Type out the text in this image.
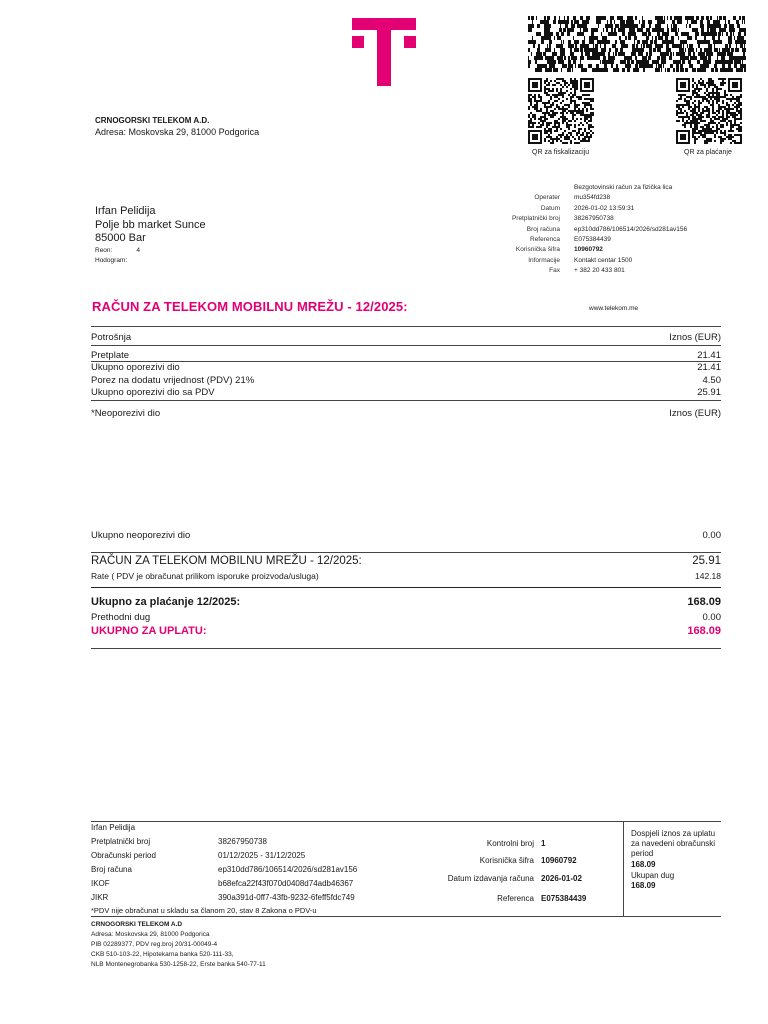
QR za fiskalizaciju	QR za plaćanje
CRNOGORSKI TELEKOM A.D.
Adresa: Moskovska 29, 81000 Podgorica
Bezgotovinski račun za fizička lica
Operater	mu354fd238
Datum	2026-01-02 13:59:31
Pretplatnički broj	38267950738
Broj računa	ep310dd786/106514/2026/sd281av156
Referenca	E075384439
Korisnička šifra	10960792
Informacije	Kontakt centar 1500
Fax	+ 382 20 433 801
Irfan Pelidija
Polje bb market Sunce
85000 Bar
Reon:	4
Hodogram:
RAČUN ZA TELEKOM MOBILNU MREŽU - 12/2025:	www.telekom.me
Potrošnja	Iznos (EUR)
Pretplate	21.41
Ukupno oporezivi dio	21.41
Porez na dodatu vrijednost (PDV) 21%	4.50
Ukupno oporezivi dio sa PDV	25.91
*Neoporezivi dio	Iznos (EUR)
Ukupno neoporezivi dio	0.00
RAČUN ZA TELEKOM MOBILNU MREŽU - 12/2025:	25.91
Rate ( PDV je obračunat prilikom isporuke proizvoda/usluga)	142.18
Ukupno za plaćanje 12/2025:	168.09
Prethodni dug	0.00
UKUPNO ZA UPLATU:	168.09
Irfan Pelidija
Pretplatnički broj	38267950738
Obračunski period	01/12/2025 - 31/12/2025
Broj računa	ep310dd786/106514/2026/sd281av156
IKOF	b68efca22f43f070d0408d74adb46367
JIKR	390a391d-0ff7-43fb-9232-6feff5fdc749
*PDV nije obračunat u skladu sa članom 20, stav 8 Zakona o PDV-u
Kontrolni broj 1
Korisnička šifra 10960792
Datum izdavanja računa 2026-01-02
Referenca E075384439
Dospjeli iznos za uplatu za navedeni obračunski period
168.09
Ukupan dug
168.09
CRNOGORSKI TELEKOM A.D
Adresa: Moskovska 29, 81000 Podgorica
PIB 02289377, PDV reg.broj 20/31-00049-4
CKB 510-103-22, Hipotekarna banka 520-111-33,
NLB Montenegrobanka 530-1258-22, Erste banka 540-77-11
